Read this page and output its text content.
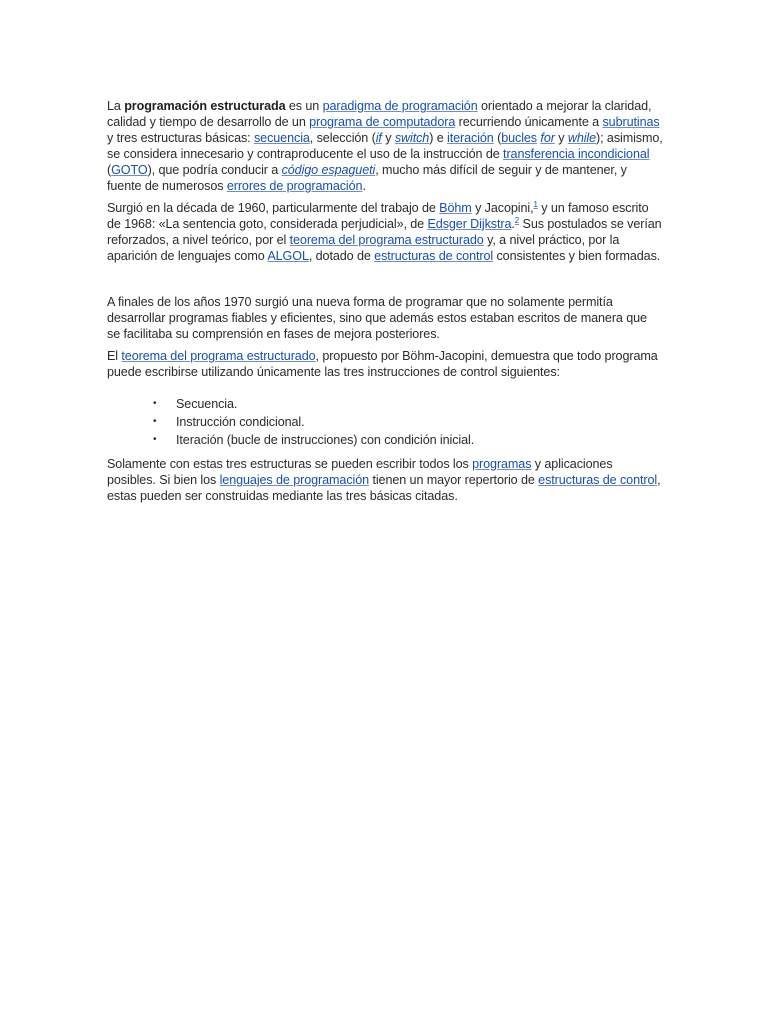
La programación estructurada es un paradigma de programación orientado a mejorar la claridad, calidad y tiempo de desarrollo de un programa de computadora recurriendo únicamente a subrutinas y tres estructuras básicas: secuencia, selección (if y switch) e iteración (bucles for y while); asimismo, se considera innecesario y contraproducente el uso de la instrucción de transferencia incondicional (GOTO), que podría conducir a código espagueti, mucho más difícil de seguir y de mantener, y fuente de numerosos errores de programación.

Surgió en la década de 1960, particularmente del trabajo de Böhm y Jacopini,$^1$ y un famoso escrito de 1968: «La sentencia goto, considerada perjudicial», de Edsger Dijkstra.$^2$ Sus postulados se verían reforzados, a nivel teórico, por el teorema del programa estructurado y, a nivel práctico, por la aparición de lenguajes como ALGOL, dotado de estructuras de control consistentes y bien formadas.

A finales de los años 1970 surgió una nueva forma de programar que no solamente permitía desarrollar programas fiables y eficientes, sino que además estos estaban escritos de manera que se facilitaba su comprensión en fases de mejora posteriores.

El teorema del programa estructurado, propuesto por Böhm-Jacopini, demuestra que todo programa puede escribirse utilizando únicamente las tres instrucciones de control siguientes:

• Secuencia.
• Instrucción condicional.
• Iteración (bucle de instrucciones) con condición inicial.

Solamente con estas tres estructuras se pueden escribir todos los programas y aplicaciones posibles. Si bien los lenguajes de programación tienen un mayor repertorio de estructuras de control, estas pueden ser construidas mediante las tres básicas citadas.
